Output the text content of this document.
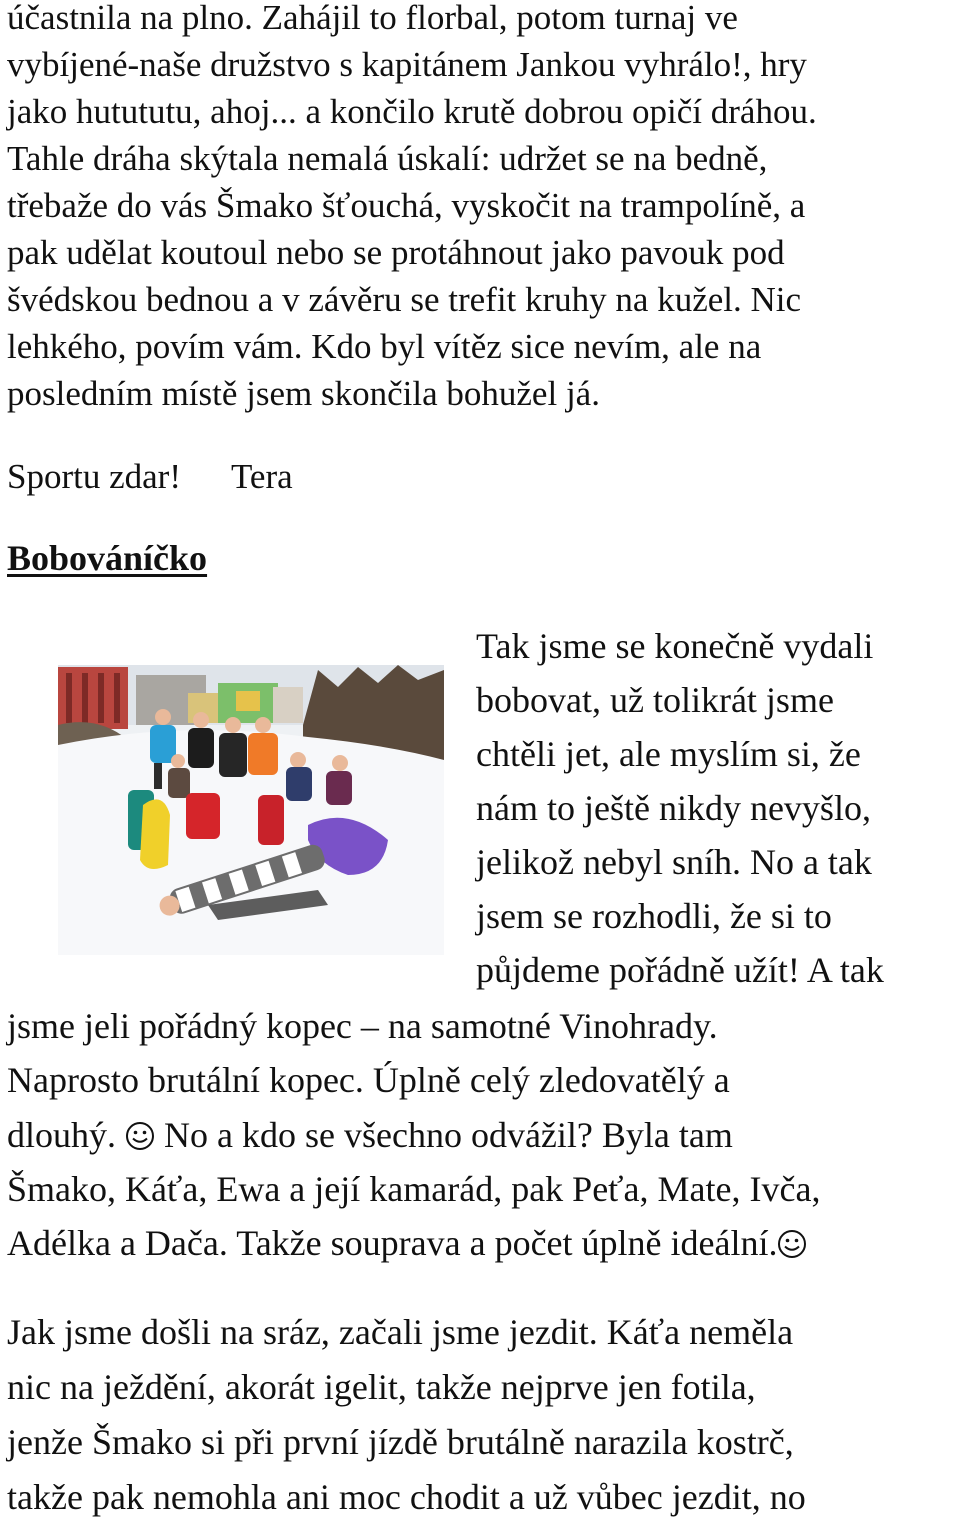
účastnila na plno. Zahájil to florbal, potom turnaj ve
vybíjené-naše družstvo s kapitánem Jankou vyhrálo!, hry
jako hutututu, ahoj... a končilo krutě dobrou opičí dráhou.
Tahle dráha skýtala nemalá úskalí: udržet se na bedně,
třebaže do vás Šmako šťouchá, vyskočit na trampolíně, a
pak udělat koutoul nebo se protáhnout jako pavouk pod
švédskou bednou a v závěru se trefit kruhy na kužel. Nic
lehkého, povím vám. Kdo byl vítěz sice nevím, ale na
posledním místě jsem skončila bohužel já.
Sportu zdar! Tera
Bobováníčko
Tak jsme se konečně vydali
bobovat, už tolikrát jsme
chtěli jet, ale myslím si, že
nám to ještě nikdy nevyšlo,
jelikož nebyl sníh. No a tak
jsem se rozhodli, že si to
půjdeme pořádně užít! A tak
jsme jeli pořádný kopec – na samotné Vinohrady.
Naprosto brutální kopec. Úplně celý zledovatělý a
dlouhý. No a kdo se všechno odvážil? Byla tam
Šmako, Káťa, Ewa a její kamarád, pak Peťa, Mate, Ivča,
Adélka a Dača. Takže souprava a počet úplně ideální.
Jak jsme došli na sráz, začali jsme jezdit. Káťa neměla
nic na ježdění, akorát igelit, takže nejprve jen fotila,
jenže Šmako si při první jízdě brutálně narazila kostrč,
takže pak nemohla ani moc chodit a už vůbec jezdit, no
